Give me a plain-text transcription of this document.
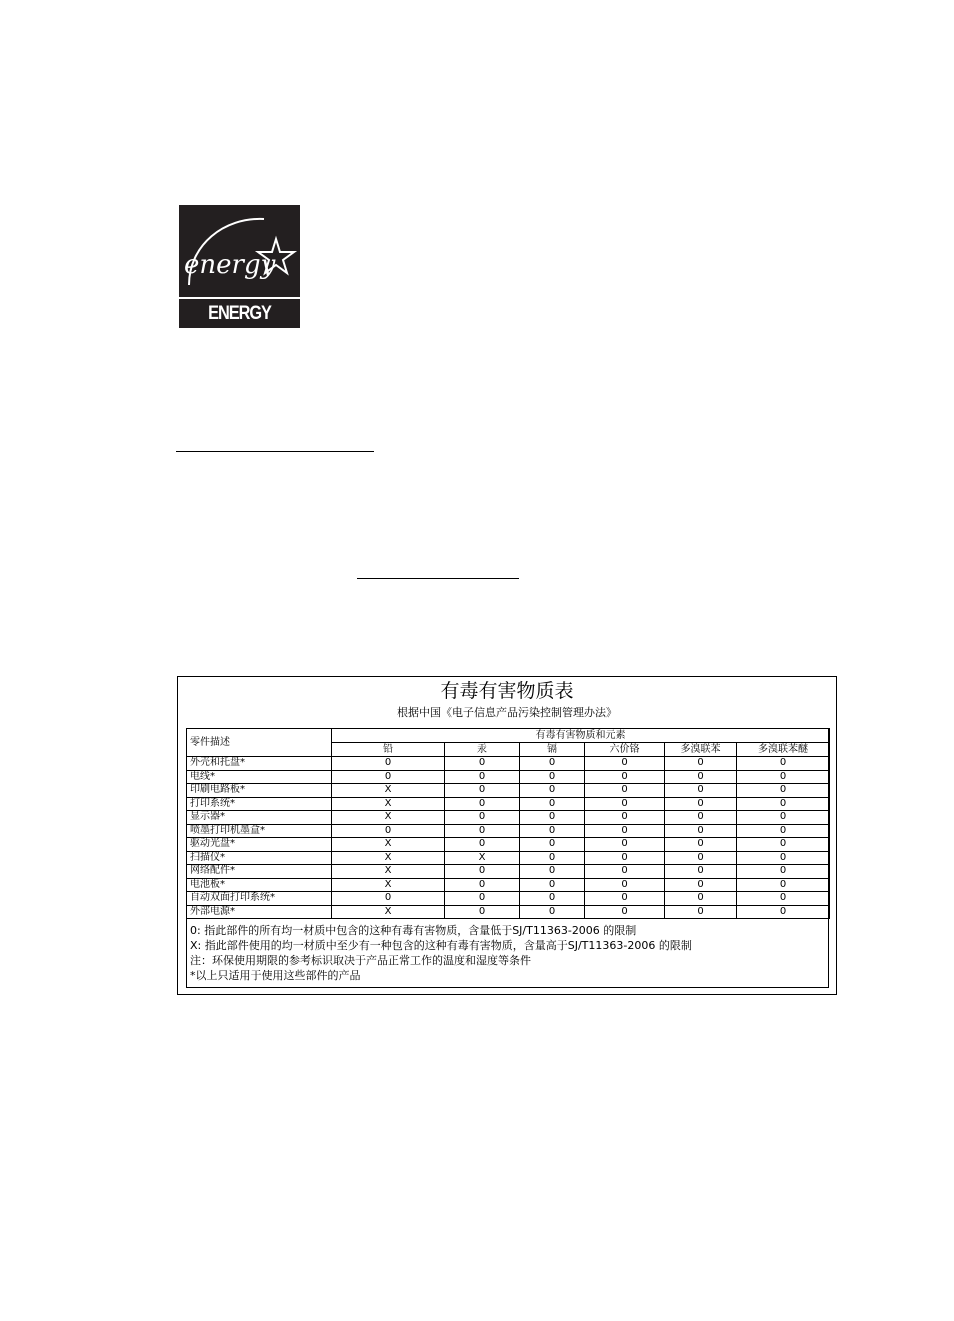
energy
ENERGY STAR
有毒有害物质表
根据中国《电子信息产品污染控制管理办法》
零件描述	有毒有害物质和元素					
	铅	汞	镉	六价铬	多溴联苯	多溴联苯醚
外壳和托盘*	0	0	0	0	0	0
电线*	0	0	0	0	0	0
印刷电路板*	X	0	0	0	0	0
打印系统*	X	0	0	0	0	0
显示器*	X	0	0	0	0	0
喷墨打印机墨盒*	0	0	0	0	0	0
驱动光盘*	X	0	0	0	0	0
扫描仪*	X	X	0	0	0	0
网络配件*	X	0	0	0	0	0
电池板*	X	0	0	0	0	0
自动双面打印系统*	0	0	0	0	0	0
外部电源*	X	0	0	0	0	0
0: 指此部件的所有均一材质中包含的这种有毒有害物质，含量低于SJ/T11363-2006 的限制
X: 指此部件使用的均一材质中至少有一种包含的这种有毒有害物质，含量高于SJ/T11363-2006 的限制
注：环保使用期限的参考标识取决于产品正常工作的温度和湿度等条件
*以上只适用于使用这些部件的产品
